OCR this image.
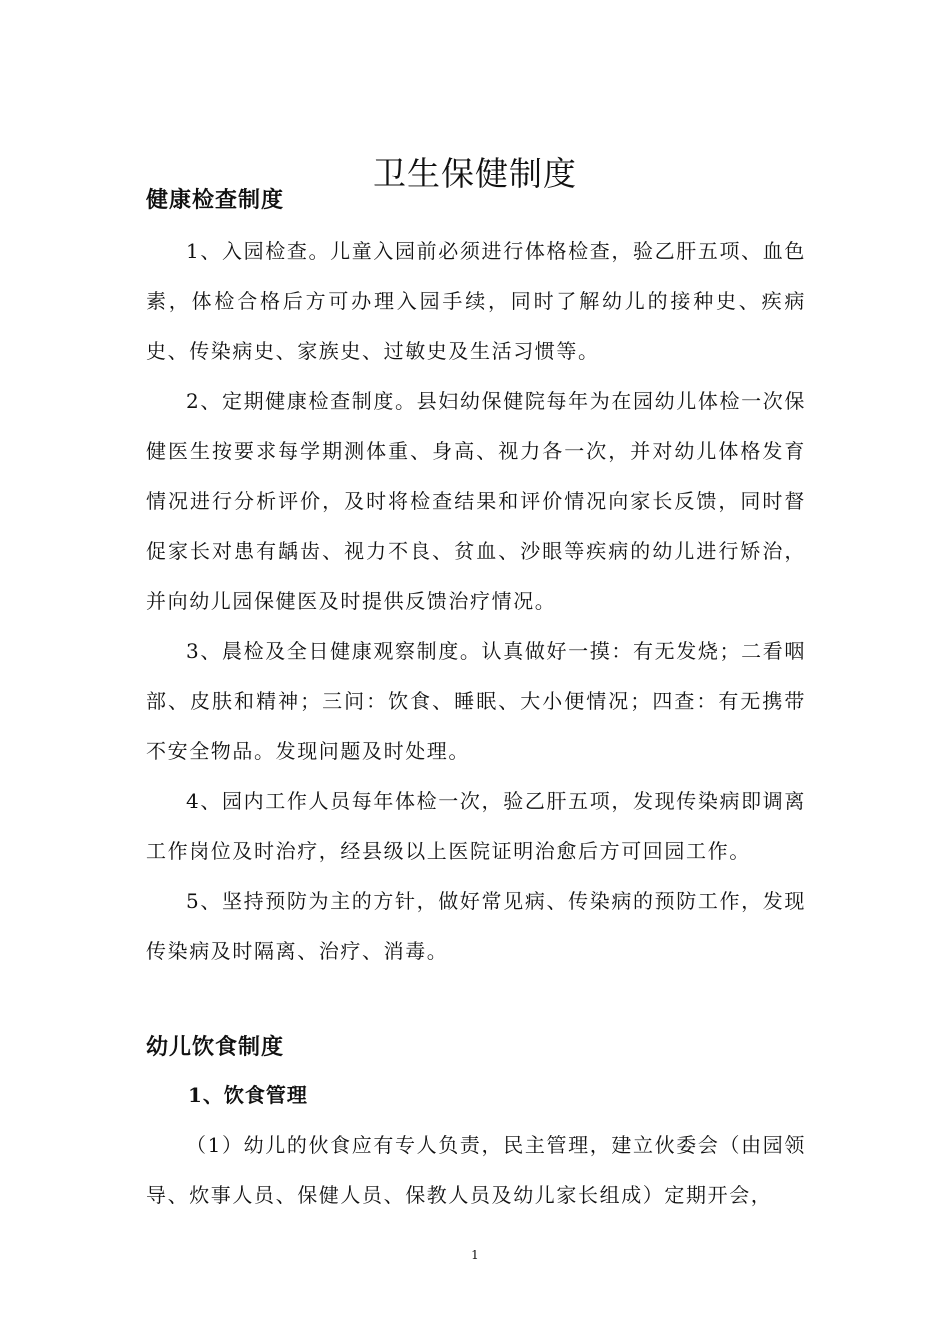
卫生保健制度
健康检查制度

1、入园检查。儿童入园前必须进行体格检查，验乙肝五项、血色素，体检合格后方可办理入园手续，同时了解幼儿的接种史、疾病史、传染病史、家族史、过敏史及生活习惯等。

2、定期健康检查制度。县妇幼保健院每年为在园幼儿体检一次保健医生按要求每学期测体重、身高、视力各一次，并对幼儿体格发育情况进行分析评价，及时将检查结果和评价情况向家长反馈，同时督促家长对患有龋齿、视力不良、贫血、沙眼等疾病的幼儿进行矫治，并向幼儿园保健医及时提供反馈治疗情况。

3、晨检及全日健康观察制度。认真做好一摸：有无发烧；二看咽部、皮肤和精神；三问：饮食、睡眠、大小便情况；四查：有无携带不安全物品。发现问题及时处理。

4、园内工作人员每年体检一次，验乙肝五项，发现传染病即调离工作岗位及时治疗，经县级以上医院证明治愈后方可回园工作。

5、坚持预防为主的方针，做好常见病、传染病的预防工作，发现传染病及时隔离、治疗、消毒。

幼儿饮食制度
1、饮食管理

（1）幼儿的伙食应有专人负责，民主管理，建立伙委会（由园领导、炊事人员、保健人员、保教人员及幼儿家长组成）定期开会，

1
